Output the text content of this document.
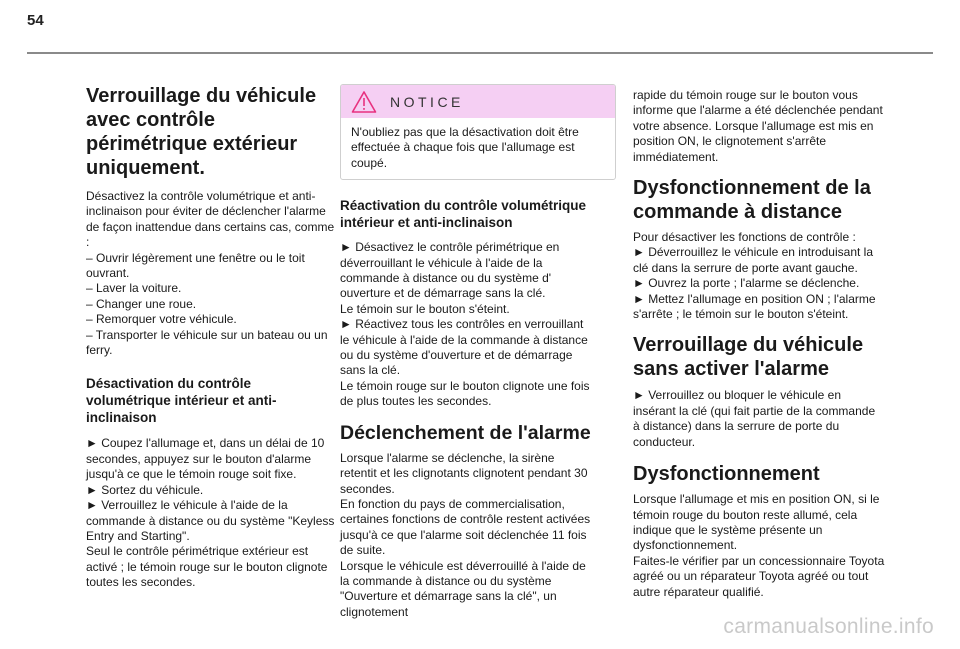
54
Verrouillage du véhicule avec contrôle périmétrique extérieur uniquement.

Désactivez la contrôle volumétrique et anti-inclinaison pour éviter de déclencher l'alarme de façon inattendue dans certains cas, comme :
– Ouvrir légèrement une fenêtre ou le toit ouvrant.
– Laver la voiture.
– Changer une roue.
– Remorquer votre véhicule.
– Transporter le véhicule sur un bateau ou un ferry.

Désactivation du contrôle volumétrique intérieur et anti-inclinaison

► Coupez l'allumage et, dans un délai de 10 secondes, appuyez sur le bouton d'alarme jusqu'à ce que le témoin rouge soit fixe.
► Sortez du véhicule.
► Verrouillez le véhicule à l'aide de la commande à distance ou du système "Keyless Entry and Starting".
Seul le contrôle périmétrique extérieur est activé ; le témoin rouge sur le bouton clignote toutes les secondes.

NOTICE

N'oubliez pas que la désactivation doit être effectuée à chaque fois que l'allumage est coupé.

Réactivation du contrôle volumétrique intérieur et anti-inclinaison

► Désactivez le contrôle périmétrique en déverrouillant le véhicule à l'aide de la commande à distance ou du système d' ouverture et de démarrage sans la clé.
Le témoin sur le bouton s'éteint.
► Réactivez tous les contrôles en verrouillant le véhicule à l'aide de la commande à distance ou du système d'ouverture et de démarrage sans la clé.
Le témoin rouge sur le bouton clignote une fois de plus toutes les secondes.

Déclenchement de l'alarme

Lorsque l'alarme se déclenche, la sirène retentit et les clignotants clignotent pendant 30 secondes.
En fonction du pays de commercialisation, certaines fonctions de contrôle restent activées jusqu'à ce que l'alarme soit déclenchée 11 fois de suite.
Lorsque le véhicule est déverrouillé à l'aide de la commande à distance ou du système "Ouverture et démarrage sans la clé", un clignotement

rapide du témoin rouge sur le bouton vous informe que l'alarme a été déclenchée pendant votre absence. Lorsque l'allumage est mis en position ON, le clignotement s'arrête immédiatement.

Dysfonctionnement de la commande à distance

Pour désactiver les fonctions de contrôle :
► Déverrouillez le véhicule en introduisant la clé dans la serrure de porte avant gauche.
► Ouvrez la porte ; l'alarme se déclenche.
► Mettez l'allumage en position ON ; l'alarme s'arrête ; le témoin sur le bouton s'éteint.

Verrouillage du véhicule sans activer l'alarme

► Verrouillez ou bloquer le véhicule en insérant la clé (qui fait partie de la commande à distance) dans la serrure de porte du conducteur.

Dysfonctionnement

Lorsque l'allumage et mis en position ON, si le témoin rouge du bouton reste allumé, cela indique que le système présente un dysfonctionnement.
Faites-le vérifier par un concessionnaire Toyota agréé ou un réparateur Toyota agréé ou tout autre réparateur qualifié.

carmanualsonline.info
